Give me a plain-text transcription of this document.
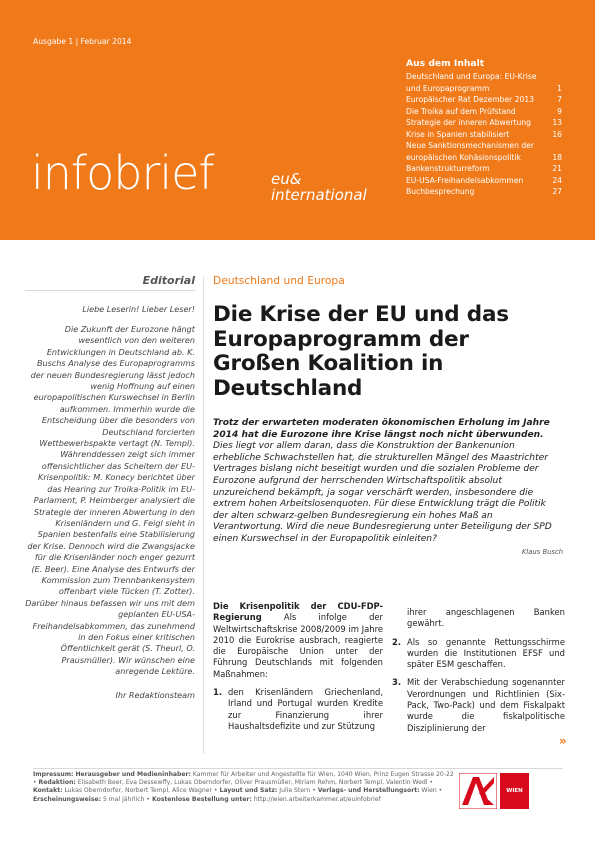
Ausgabe 1 | Februar 2014
infobrief	eu&
international
Aus dem Inhalt
Deutschland und Europa: EU-Krise und Europaprogramm	1
Europäischer Rat Dezember 2013	7
Die Troika auf dem Prüfstand	9
Strategie der inneren Abwertung	13
Krise in Spanien stabilisiert	16
Neue Sanktionsmechanismen der europäischen Kohäsionspolitik	18
Bankenstrukturreform	21
EU-USA-Freihandelsabkommen	24
Buchbesprechung	27
Editorial
Liebe Leserin! Lieber Leser!
Die Zukunft der Eurozone hängt wesentlich von den weiteren Entwicklungen in Deutschland ab. K. Buschs Analyse des Europaprogramms der neuen Bundesregierung lässt jedoch wenig Hoffnung auf einen europapolitischen Kurswechsel in Berlin aufkommen. Immerhin wurde die Entscheidung über die besonders von Deutschland forcierten Wettbewerbspakte vertagt (N. Templ). Währenddessen zeigt sich immer offensichtlicher das Scheitern der EU-Krisenpolitik: M. Konecy berichtet über das Hearing zur Troika-Politik im EU-Parlament, P. Heimberger analysiert die Strategie der inneren Abwertung in den Krisenländern und G. Feigl sieht in Spanien bestenfalls eine Stabilisierung der Krise. Dennoch wird die Zwangsjacke für die Krisenländer noch enger gezurrt (E. Beer). Eine Analyse des Entwurfs der Kommission zum Trennbankensystem offenbart viele Tücken (T. Zotter). Darüber hinaus befassen wir uns mit dem geplanten EU-USA-Freihandelsabkommen, das zunehmend in den Fokus einer kritischen Öffentlichkeit gerät (S. Theurl, O. Prausmüller). Wir wünschen eine anregende Lektüre.
Ihr Redaktionsteam
Deutschland und Europa
Die Krise der EU und das Europaprogramm der Großen Koalition in Deutschland
Trotz der erwarteten moderaten ökonomischen Erholung im Jahre 2014 hat die Eurozone ihre Krise längst noch nicht überwunden. Dies liegt vor allem daran, dass die Konstruktion der Bankenunion erhebliche Schwachstellen hat, die strukturellen Mängel des Maastrichter Vertrages bislang nicht beseitigt wurden und die sozialen Probleme der Eurozone aufgrund der herrschenden Wirtschaftspolitik absolut unzureichend bekämpft, ja sogar verschärft werden, insbesondere die extrem hohen Arbeitslosenquoten. Für diese Entwicklung trägt die Politik der alten schwarz-gelben Bundesregierung ein hohes Maß an Verantwortung. Wird die neue Bundesregierung unter Beteiligung der SPD einen Kurswechsel in der Europapolitik einleiten?
Klaus Busch

Die Krisenpolitik der CDU-FDP-Regierung Als infolge der Weltwirtschaftskrise 2008/2009 im Jahre 2010 die Eurokrise ausbrach, reagierte die Europäische Union unter der Führung Deutschlands mit folgenden Maßnahmen:

1. den Krisenländern Griechenland, Irland und Portugal wurden Kredite zur Finanzierung ihrer Haushaltsdefizite und zur Stützung

ihrer angeschlagenen Banken gewährt.

2. Als so genannte Rettungsschirme wurden die Institutionen EFSF und später ESM geschaffen.
3. Mit der Verabschiedung sogenannter Verordnungen und Richtlinien (Six-Pack, Two-Pack) und dem Fiskalpakt wurde die fiskalpolitische Disziplinierung der
»
Impressum: Herausgeber und Medieninhaber: Kammer für Arbeiter und Angestellte für Wien, 1040 Wien, Prinz Eugen Strasse 20-22 • Redaktion: Elisabeth Beer, Eva Dessewffy, Lukas Oberndorfer, Oliver Prausmüller, Miriam Rehm, Norbert Templ, Valentin Wedl • Kontakt: Lukas Oberndorfer, Norbert Templ, Alice Wagner • Layout und Satz: Julia Stern • Verlags- und Herstellungsort: Wien • Erscheinungsweise: 5 mal jährlich • Kostenlose Bestellung unter: http://wien.arbeiterkammer.at/euinfobrief
WIEN
